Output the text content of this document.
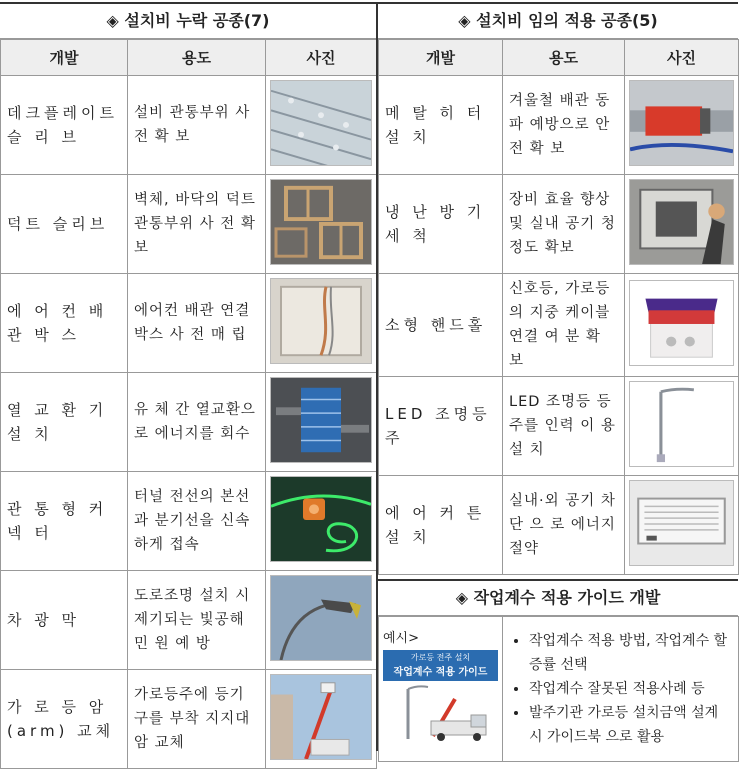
◈ 설치비 누락 공종(7)
개발	용도	사진
데크플레이트 슬 리 브	설비 관통부위 사 전 확 보	
덕트 슬리브	벽체, 바닥의 덕트 관통부위 사 전 확 보	
에 어 컨 배 관 박 스	에어컨 배관 연결 박스 사 전 매 립	
열 교 환 기 설 치	유 체 간 열교환으로 에너지를 회수	
관 통 형 커 넥 터	터널 전선의 본선과 분기선을 신속하게 접속	
차 광 막	도로조명 설치 시 제기되는 빛공해 민 원 예 방	
가 로 등 암(arm) 교체	가로등주에 등기구를 부착 지지대 암 교체	
◈ 설치비 임의 적용 공종(5)
개발	용도	사진
메 탈 히 터 설 치	겨울철 배관 동파 예방으로 안 전 확 보	
냉 난 방 기 세 척	장비 효율 향상 및 실내 공기 청정도 확보	
소형 핸드홀	신호등, 가로등의 지중 케이블 연결 여 분 확 보	
LED 조명등주	LED 조명등 등주를 인력 이 용 설 치	
에 어 커 튼 설 치	실내·외 공기 차 단 으 로 에너지 절약	
◈ 작업계수 적용 가이드 개발
예시>
가로등 전주 설치
작업계수 적용 가이드

• 작업계수 적용 방법, 작업계수 할증률 선택
• 작업계수 잘못된 적용사례 등
• 발주기관 가로등 설치금액 설계시 가이드북 으로 활용
